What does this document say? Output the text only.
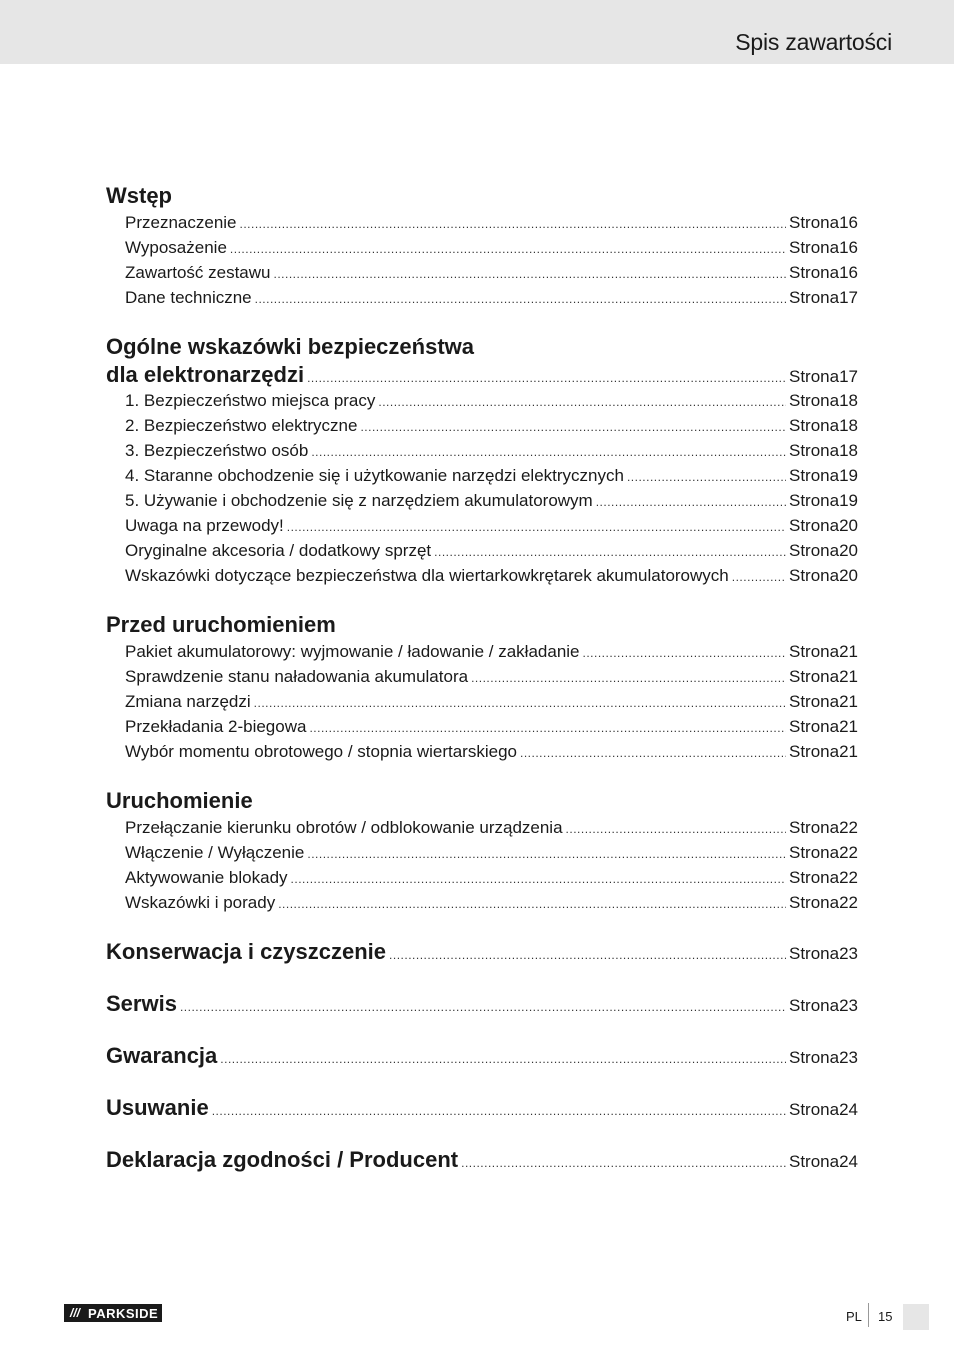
Spis zawartości
Wstęp
Przeznaczenie .....	Strona 16
Wyposażenie .....	Strona 16
Zawartość zestawu .....	Strona 16
Dane techniczne .....	Strona 17
Ogólne wskazówki bezpieczeństwa
dla elektronarzędzi .....	Strona 17
1. Bezpieczeństwo miejsca pracy .....	Strona 18
2. Bezpieczeństwo elektryczne .....	Strona 18
3. Bezpieczeństwo osób .....	Strona 18
4. Staranne obchodzenie się i użytkowanie narzędzi elektrycznych .....	Strona 19
5. Używanie i obchodzenie się z narzędziem akumulatorowym .....	Strona 19
Uwaga na przewody! .....	Strona 20
Oryginalne akcesoria / dodatkowy sprzęt .....	Strona 20
Wskazówki dotyczące bezpieczeństwa dla wiertarkowkrętarek akumulatorowych .....	Strona 20
Przed uruchomieniem
Pakiet akumulatorowy: wyjmowanie / ładowanie / zakładanie .....	Strona 21
Sprawdzenie stanu naładowania akumulatora .....	Strona 21
Zmiana narzędzi .....	Strona 21
Przekładania 2-biegowa .....	Strona 21
Wybór momentu obrotowego / stopnia wiertarskiego .....	Strona 21
Uruchomienie
Przełączanie kierunku obrotów / odblokowanie urządzenia .....	Strona 22
Włączenie / Wyłączenie .....	Strona 22
Aktywowanie blokady .....	Strona 22
Wskazówki i porady .....	Strona 22
Konserwacja i czyszczenie .....	Strona 23
Serwis .....	Strona 23
Gwarancja .....	Strona 23
Usuwanie .....	Strona 24
Deklaracja zgodności / Producent .....	Strona 24
/// PARKSIDE	PL 15
